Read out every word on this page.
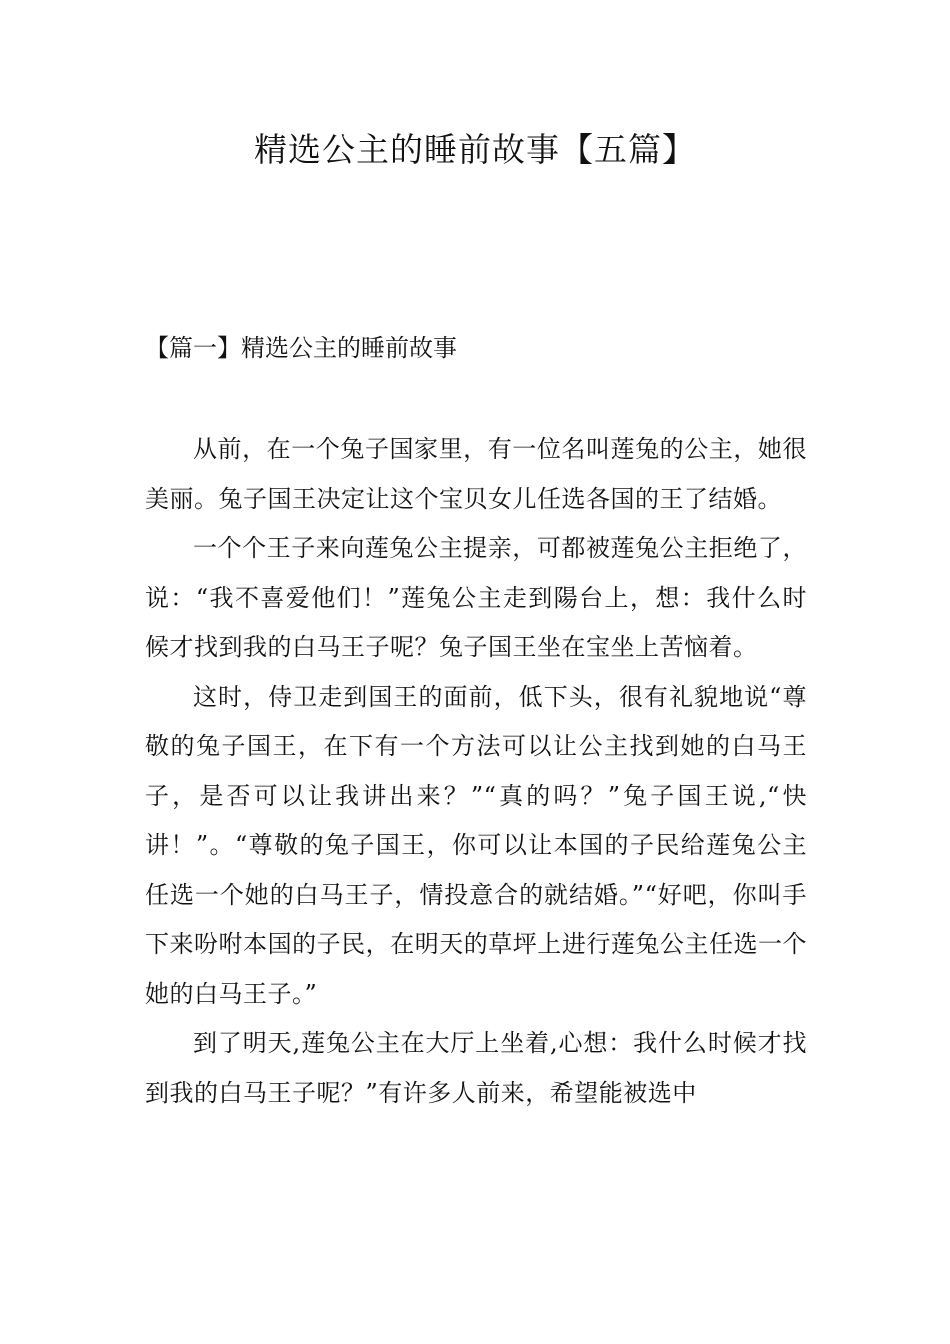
精选公主的睡前故事【五篇】
【篇一】精选公主的睡前故事

从前，在一个兔子国家里，有一位名叫莲兔的公主，她很美丽。兔子国王决定让这个宝贝女儿任选各国的王了结婚。

一个个王子来向莲兔公主提亲，可都被莲兔公主拒绝了，说：“我不喜爱他们！”莲兔公主走到陽台上，想：我什么时候才找到我的白马王子呢？兔子国王坐在宝坐上苦恼着。

这时，侍卫走到国王的面前，低下头，很有礼貌地说“尊敬的兔子国王，在下有一个方法可以让公主找到她的白马王子，是否可以让我讲出来？”“真的吗？”兔子国王说,“快讲！”。“尊敬的兔子国王，你可以让本国的子民给莲兔公主任选一个她的白马王子，情投意合的就结婚。”“好吧，你叫手下来吩咐本国的子民，在明天的草坪上进行莲兔公主任选一个她的白马王子。”

到了明天,莲兔公主在大厅上坐着,心想：我什么时候才找到我的白马王子呢？”有许多人前来，希望能被选中
